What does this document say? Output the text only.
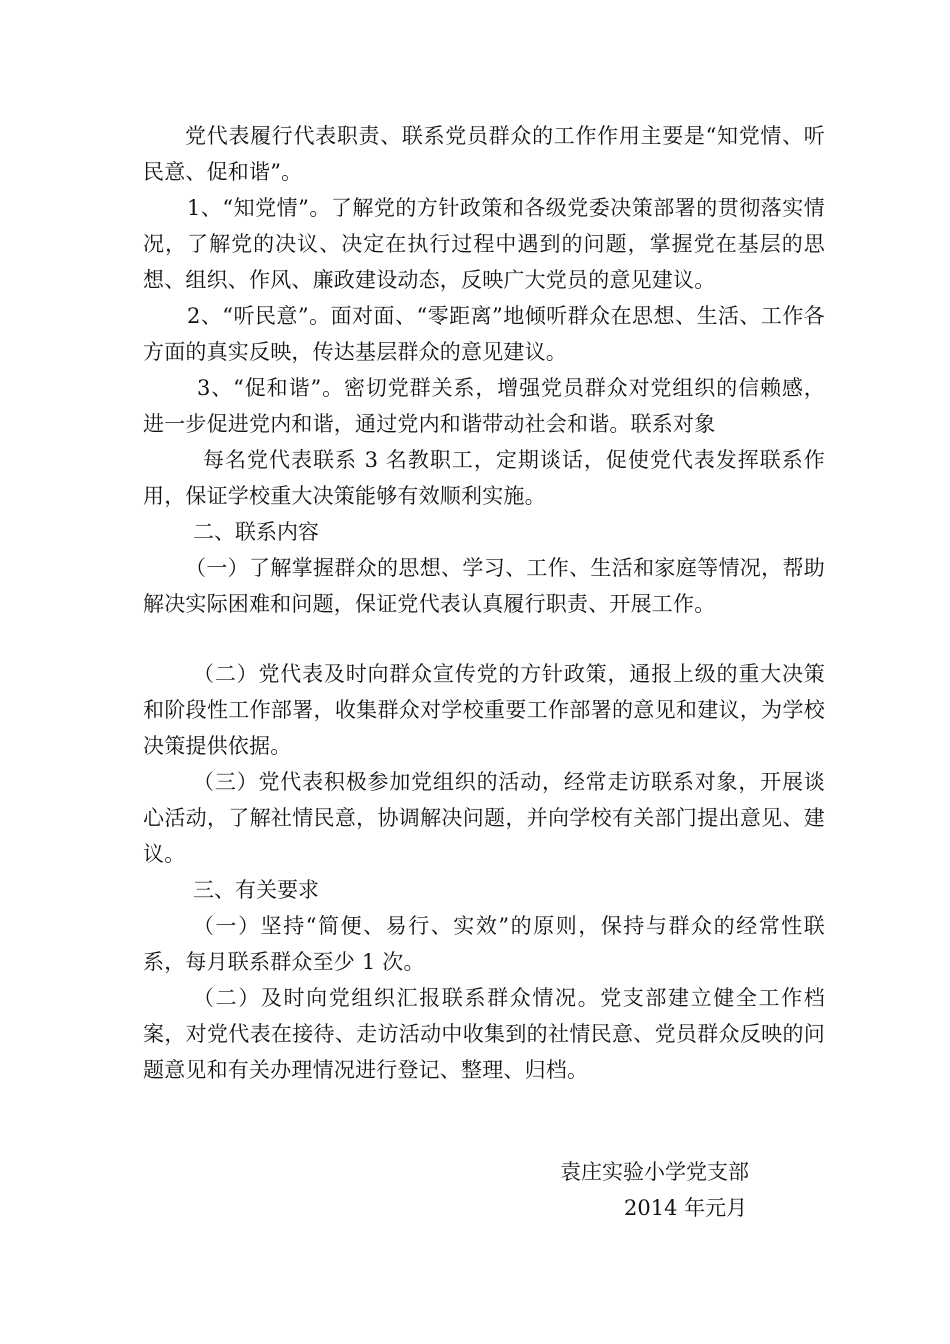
党代表履行代表职责、联系党员群众的工作作用主要是“知党情、听民意、促和谐”。

1、“知党情”。了解党的方针政策和各级党委决策部署的贯彻落实情况，了解党的决议、决定在执行过程中遇到的问题，掌握党在基层的思想、组织、作风、廉政建设动态，反映广大党员的意见建议。

2、“听民意”。面对面、“零距离”地倾听群众在思想、生活、工作各方面的真实反映，传达基层群众的意见建议。

3、“促和谐”。密切党群关系，增强党员群众对党组织的信赖感，进一步促进党内和谐，通过党内和谐带动社会和谐。联系对象

每名党代表联系 3 名教职工，定期谈话，促使党代表发挥联系作用，保证学校重大决策能够有效顺利实施。

二、联系内容

（一）了解掌握群众的思想、学习、工作、生活和家庭等情况，帮助解决实际困难和问题，保证党代表认真履行职责、开展工作。

（二）党代表及时向群众宣传党的方针政策，通报上级的重大决策和阶段性工作部署，收集群众对学校重要工作部署的意见和建议，为学校决策提供依据。

（三）党代表积极参加党组织的活动，经常走访联系对象，开展谈心活动，了解社情民意，协调解决问题，并向学校有关部门提出意见、建议。

三、有关要求

（一）坚持“简便、易行、实效”的原则，保持与群众的经常性联系，每月联系群众至少 1 次。

（二）及时向党组织汇报联系群众情况。党支部建立健全工作档案，对党代表在接待、走访活动中收集到的社情民意、党员群众反映的问题意见和有关办理情况进行登记、整理、归档。

袁庄实验小学党支部
2014 年元月
